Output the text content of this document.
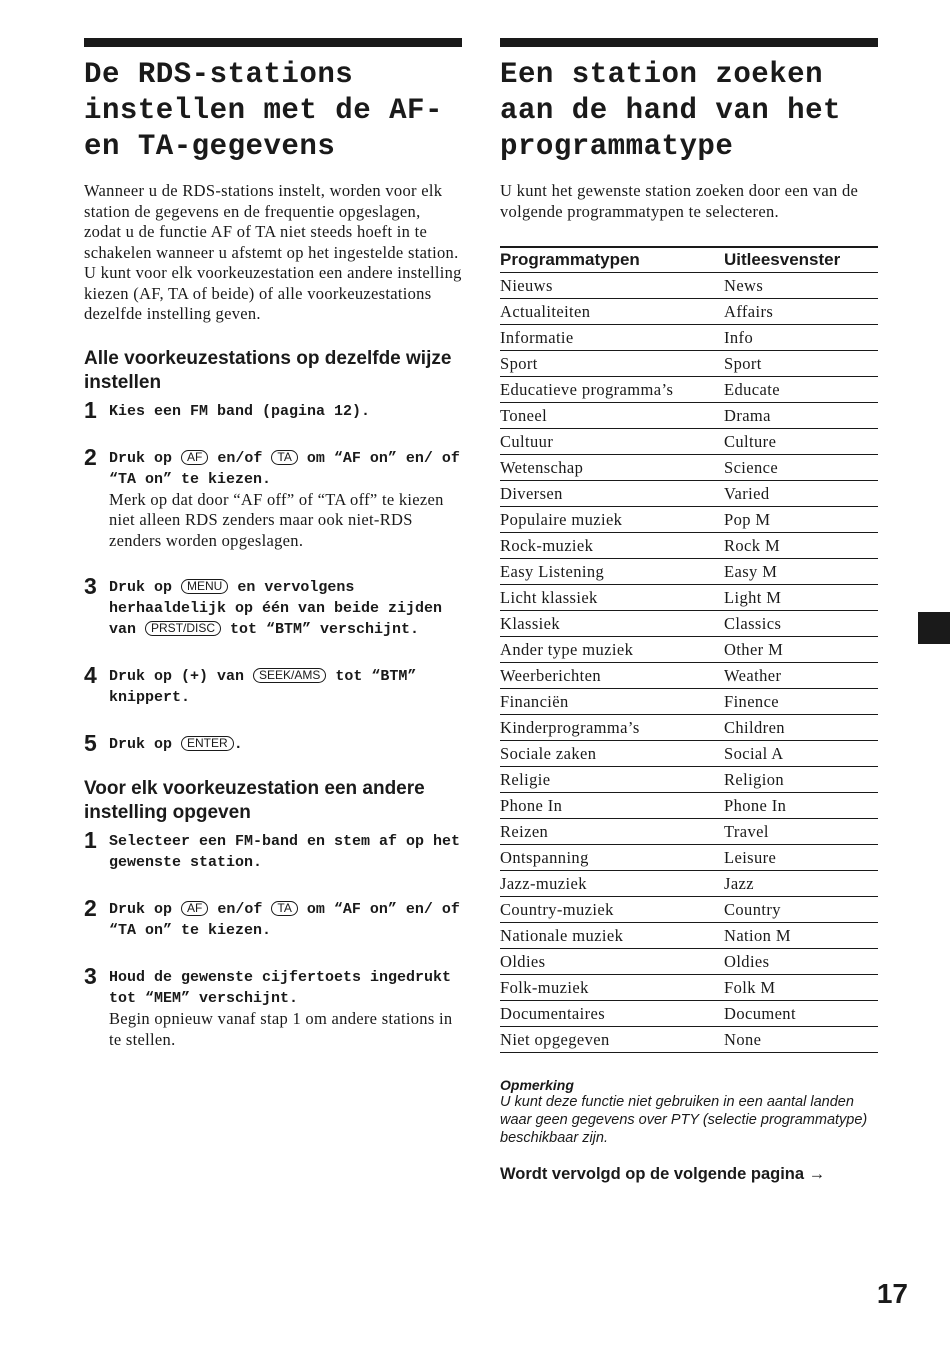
De RDS-stations instellen met de AF- en TA-gegevens

Wanneer u de RDS-stations instelt, worden voor elk station de gegevens en de frequentie opgeslagen, zodat u de functie AF of TA niet steeds hoeft in te schakelen wanneer u afstemt op het ingestelde station. U kunt voor elk voorkeuzestation een andere instelling kiezen (AF, TA of beide) of alle voorkeuzestations dezelfde instelling geven.

Alle voorkeuzestations op dezelfde wijze instellen
1 Kies een FM band (pagina 12).
2 Druk op AF en/of TA om “AF on” en/ of “TA on” te kiezen.
Merk op dat door “AF off” of “TA off” te kiezen niet alleen RDS zenders maar ook niet-RDS zenders worden opgeslagen.
3 Druk op MENU en vervolgens herhaaldelijk op één van beide zijden van PRST/DISC tot “BTM” verschijnt.
4 Druk op (+) van SEEK/AMS tot “BTM” knippert.
5 Druk op ENTER .
Voor elk voorkeuzestation een andere instelling opgeven
1 Selecteer een FM-band en stem af op het gewenste station.
2 Druk op AF en/of TA om “AF on” en/ of “TA on” te kiezen.
3 Houd de gewenste cijfertoets ingedrukt tot “MEM” verschijnt.
Begin opnieuw vanaf stap 1 om andere stations in te stellen.
Een station zoeken aan de hand van het programmatype

U kunt het gewenste station zoeken door een van de volgende programmatypen te selecteren.

Programmatypen	Uitleesvenster
Nieuws	News
Actualiteiten	Affairs
Informatie	Info
Sport	Sport
Educatieve programma’s	Educate
Toneel	Drama
Cultuur	Culture
Wetenschap	Science
Diversen	Varied
Populaire muziek	Pop M
Rock-muziek	Rock M
Easy Listening	Easy M
Licht klassiek	Light M
Klassiek	Classics
Ander type muziek	Other M
Weerberichten	Weather
Financiën	Finence
Kinderprogramma’s	Children
Sociale zaken	Social A
Religie	Religion
Phone In	Phone In
Reizen	Travel
Ontspanning	Leisure
Jazz-muziek	Jazz
Country-muziek	Country
Nationale muziek	Nation M
Oldies	Oldies
Folk-muziek	Folk M
Documentaires	Document
Niet opgegeven	None
Opmerking
U kunt deze functie niet gebruiken in een aantal landen waar geen gegevens over PTY (selectie programmatype) beschikbaar zijn.
Wordt vervolgd op de volgende pagina →
17
